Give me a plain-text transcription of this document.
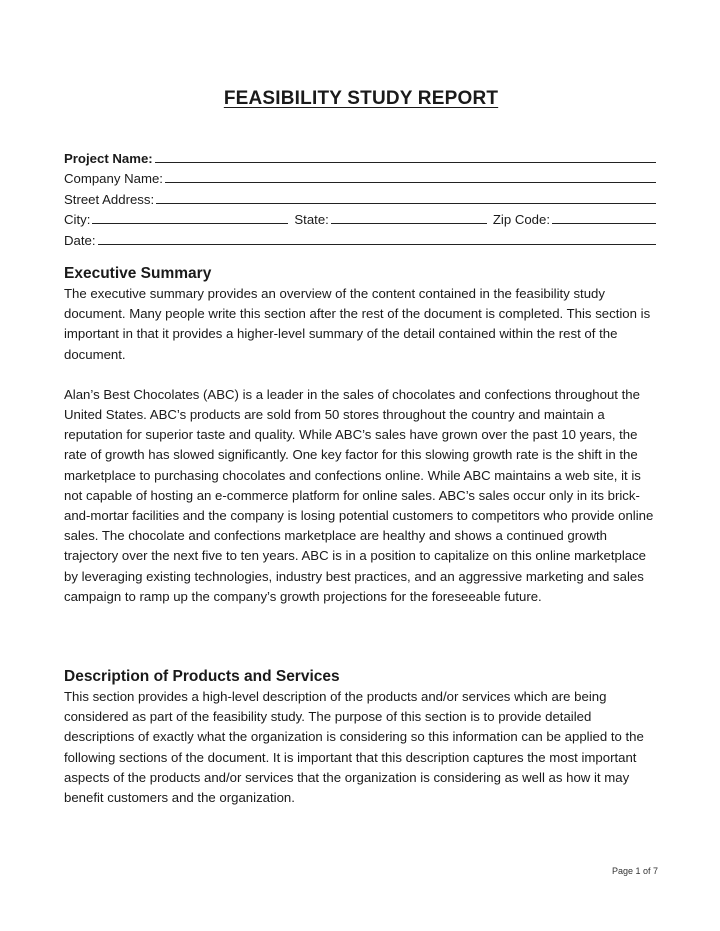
FEASIBILITY STUDY REPORT
Project Name:
Company Name:
Street Address:
City:	State:	Zip Code:
Date:
Executive Summary

The executive summary provides an overview of the content contained in the feasibility study document. Many people write this section after the rest of the document is completed. This section is important in that it provides a higher-level summary of the detail contained within the rest of the document.

Alan’s Best Chocolates (ABC) is a leader in the sales of chocolates and confections throughout the United States. ABC’s products are sold from 50 stores throughout the country and maintain a reputation for superior taste and quality. While ABC’s sales have grown over the past 10 years, the rate of growth has slowed significantly. One key factor for this slowing growth rate is the shift in the marketplace to purchasing chocolates and confections online. While ABC maintains a web site, it is not capable of hosting an e-commerce platform for online sales. ABC’s sales occur only in its brick-and-mortar facilities and the company is losing potential customers to competitors who provide online sales. The chocolate and confections marketplace are healthy and shows a continued growth trajectory over the next five to ten years. ABC is in a position to capitalize on this online marketplace by leveraging existing technologies, industry best practices, and an aggressive marketing and sales campaign to ramp up the company’s growth projections for the foreseeable future.

Description of Products and Services

This section provides a high-level description of the products and/or services which are being considered as part of the feasibility study. The purpose of this section is to provide detailed descriptions of exactly what the organization is considering so this information can be applied to the following sections of the document. It is important that this description captures the most important aspects of the products and/or services that the organization is considering as well as how it may benefit customers and the organization.

Page 1 of 7
